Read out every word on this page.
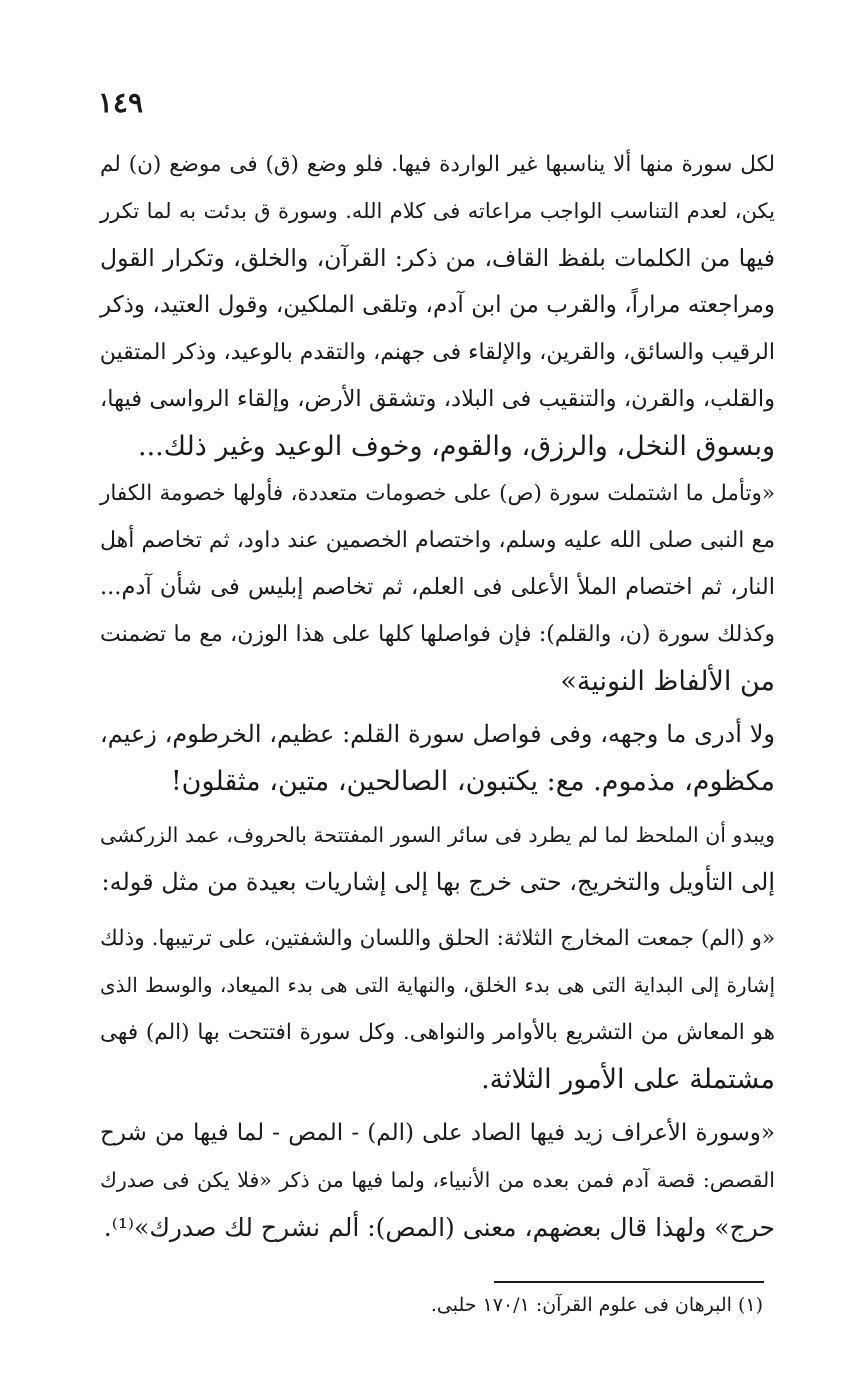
١٤٩
لكل سورة منها ألا يناسبها غير الواردة فيها. فلو وضع (ق) فى موضع (ن) لم
يكن، لعدم التناسب الواجب مراعاته فى كلام الله. وسورة ق بدئت به لما تكرر
فيها من الكلمات بلفظ القاف، من ذكر: القرآن، والخلق، وتكرار القول
ومراجعته مراراً، والقرب من ابن آدم، وتلقى الملكين، وقول العتيد، وذكر
الرقيب والسائق، والقرين، والإلقاء فى جهنم، والتقدم بالوعيد، وذكر المتقين
والقلب، والقرن، والتنقيب فى البلاد، وتشقق الأرض، وإلقاء الرواسى فيها،
وبسوق النخل، والرزق، والقوم، وخوف الوعيد وغير ذلك...
«وتأمل ما اشتملت سورة (ص) على خصومات متعددة، فأولها خصومة الكفار
مع النبى صلى الله عليه وسلم، واختصام الخصمين عند داود، ثم تخاصم أهل
النار، ثم اختصام الملأ الأعلى فى العلم، ثم تخاصم إبليس فى شأن آدم...
وكذلك سورة (ن، والقلم): فإن فواصلها كلها على هذا الوزن، مع ما تضمنت
من الألفاظ النونية»
ولا أدرى ما وجهه، وفى فواصل سورة القلم: عظيم، الخرطوم، زعيم،
مكظوم، مذموم. مع: يكتبون، الصالحين، متين، مثقلون!
ويبدو أن الملحظ لما لم يطرد فى سائر السور المفتتحة بالحروف، عمد الزركشى
إلى التأويل والتخريج، حتى خرج بها إلى إشاريات بعيدة من مثل قوله:
«و (الم) جمعت المخارج الثلاثة: الحلق واللسان والشفتين، على ترتيبها. وذلك
إشارة إلى البداية التى هى بدء الخلق، والنهاية التى هى بدء الميعاد، والوسط الذى
هو المعاش من التشريع بالأوامر والنواهى. وكل سورة افتتحت بها (الم) فهى
مشتملة على الأمور الثلاثة.
«وسورة الأعراف زيد فيها الصاد على (الم) - المص - لما فيها من شرح
القصص: قصة آدم فمن بعده من الأنبياء، ولما فيها من ذكر «فلا يكن فى صدرك
حرج» ولهذا قال بعضهم، معنى (المص): ألم نشرح لك صدرك»⁽¹⁾.
(١) البرهان فى علوم القرآن: ١٧٠/١ حلبى.
